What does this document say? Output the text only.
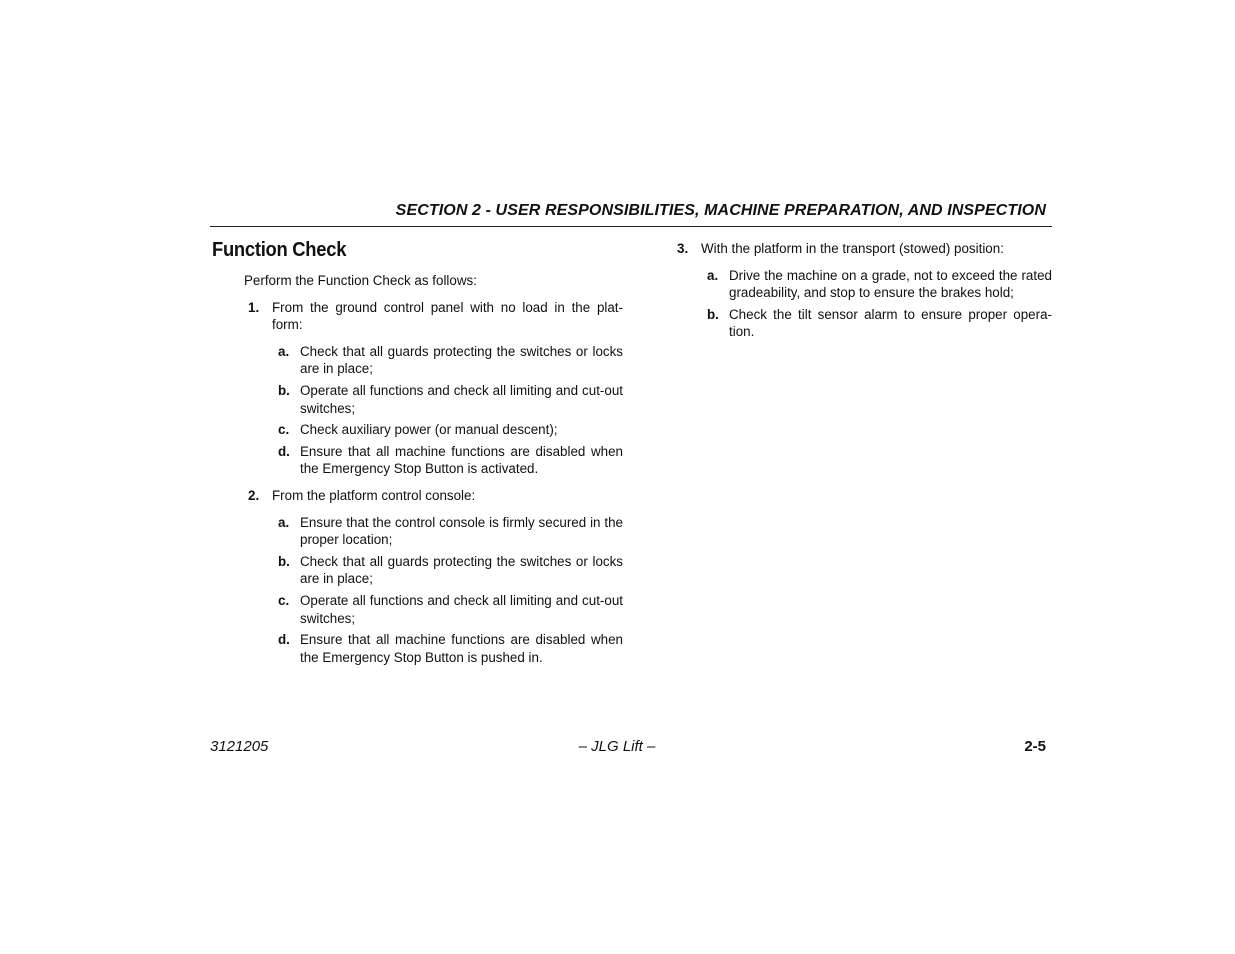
SECTION 2 - USER RESPONSIBILITIES, MACHINE PREPARATION, AND INSPECTION
Function Check

Perform the Function Check as follows:

1. From the ground control panel with no load in the plat-form:
a. Check that all guards protecting the switches or locks are in place;
b. Operate all functions and check all limiting and cut-out switches;
c. Check auxiliary power (or manual descent);
d. Ensure that all machine functions are disabled when the Emergency Stop Button is activated.
2. From the platform control console:
a. Ensure that the control console is firmly secured in the proper location;
b. Check that all guards protecting the switches or locks are in place;
c. Operate all functions and check all limiting and cut-out switches;
d. Ensure that all machine functions are disabled when the Emergency Stop Button is pushed in.
3. With the platform in the transport (stowed) position:
a. Drive the machine on a grade, not to exceed the rated gradeability, and stop to ensure the brakes hold;
b. Check the tilt sensor alarm to ensure proper opera-tion.
3121205	– JLG Lift –	2-5
